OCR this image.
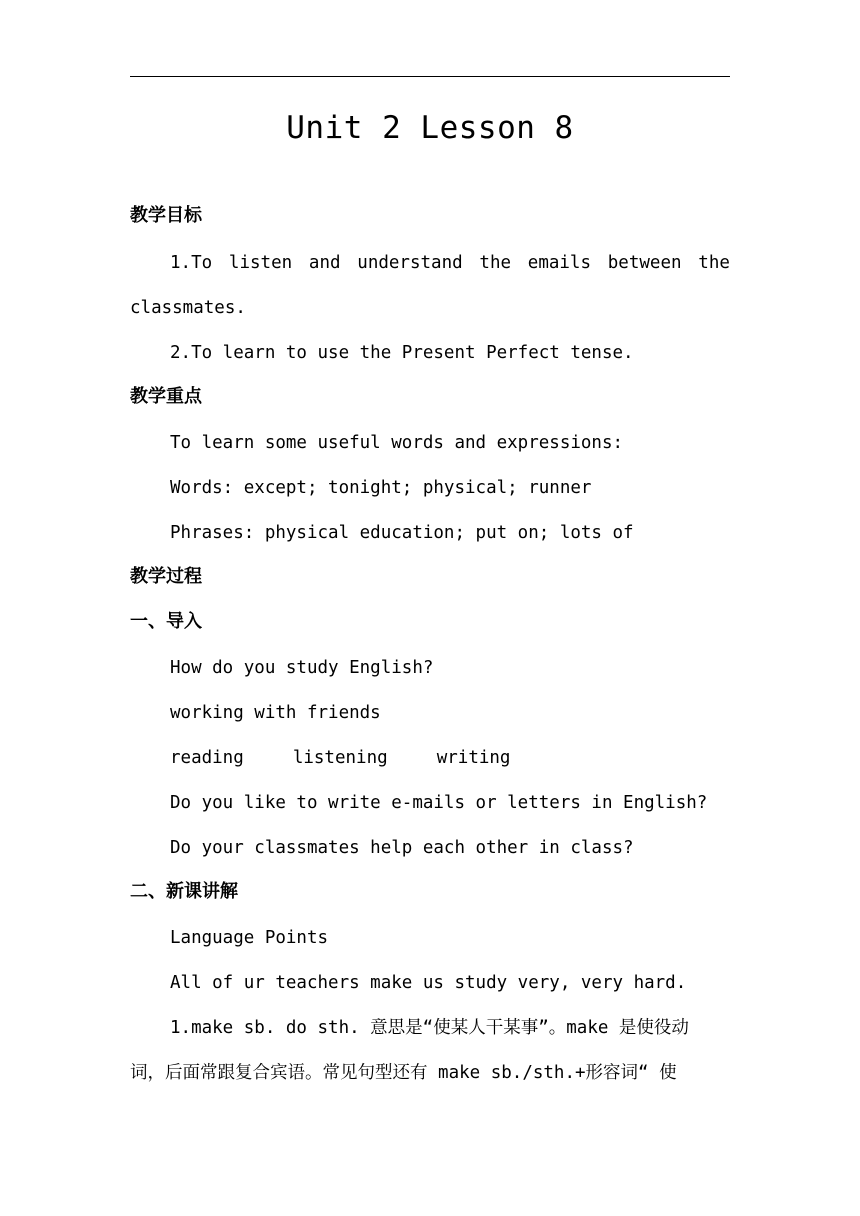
Unit 2 Lesson 8
教学目标
1.To listen and understand the emails between the
classmates.
2.To learn to use the Present Perfect tense.
教学重点
To learn some useful words and expressions:
Words: except; tonight; physical; runner
Phrases: physical education; put on; lots of
教学过程
一、导入
How do you study English?
working with friends
reading  listening  writing
Do you like to write e-mails or letters in English?
Do your classmates help each other in class?
二、新课讲解
Language Points
All of ur teachers make us study very, very hard.
1.make sb. do sth. 意思是“使某人干某事”。make 是使役动
词，后面常跟复合宾语。常见句型还有 make sb./sth.+形容词“ 使
